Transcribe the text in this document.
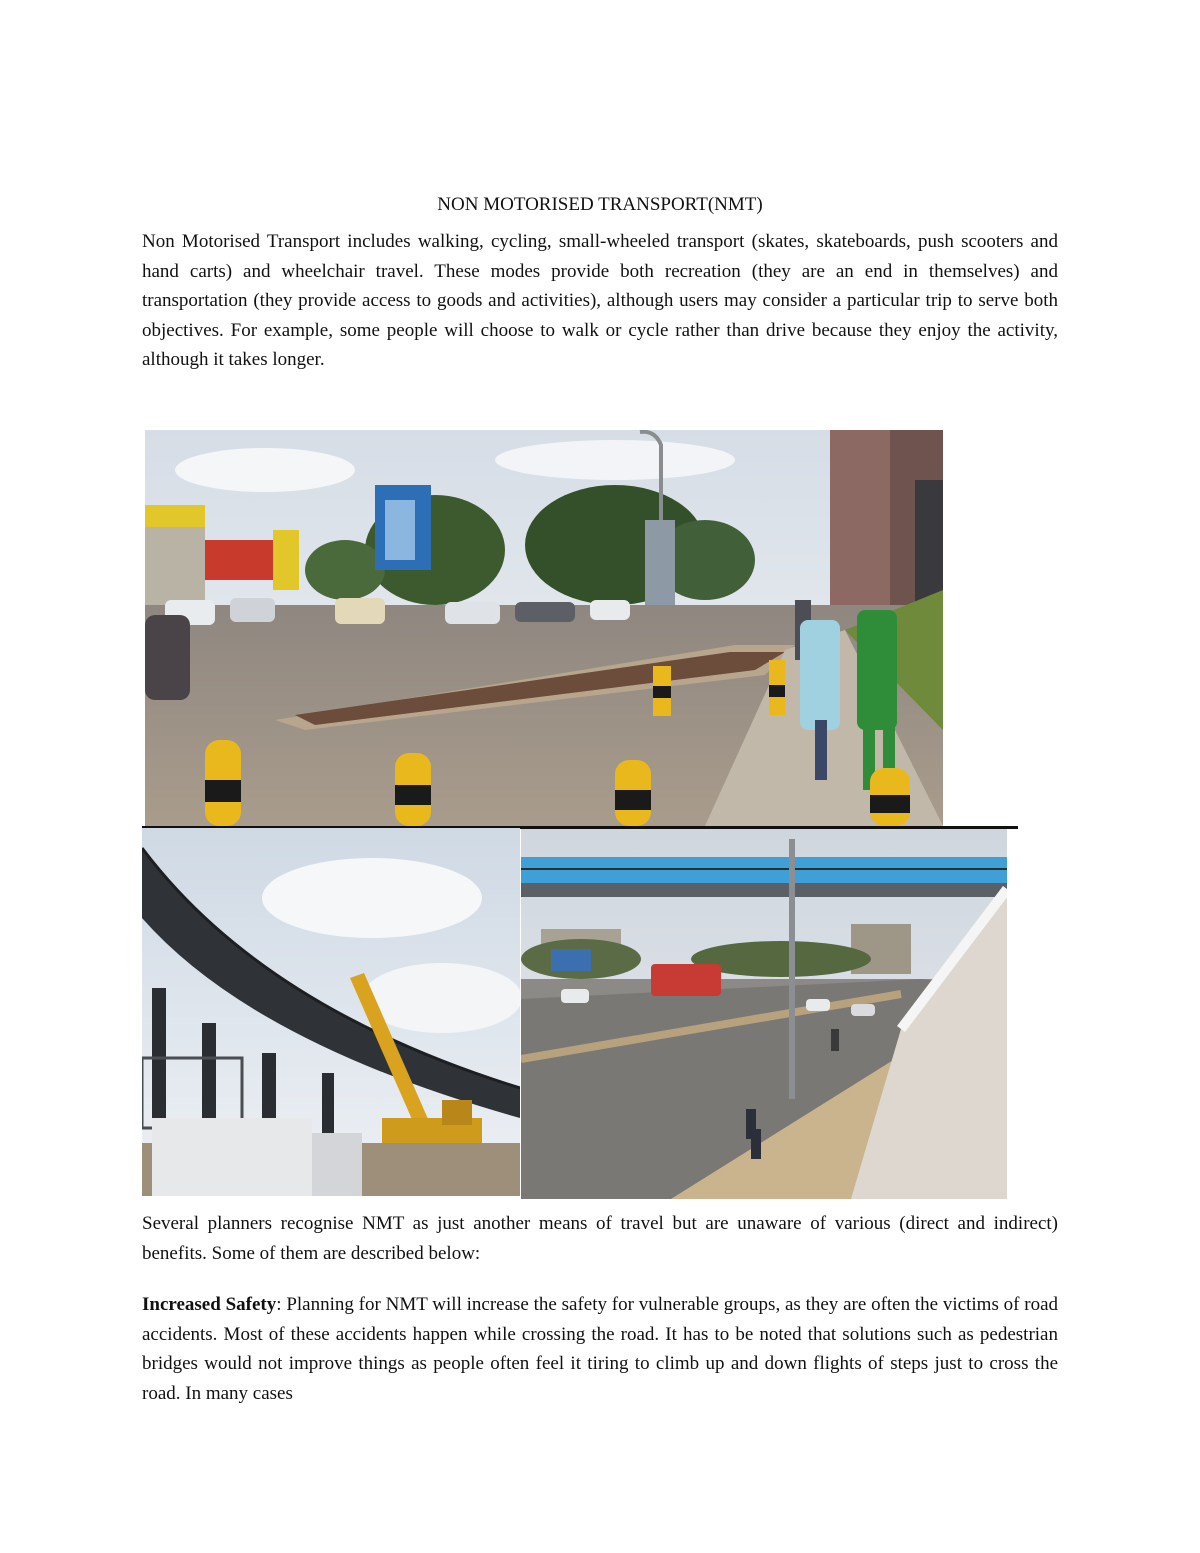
NON MOTORISED TRANSPORT(NMT)

Non Motorised Transport includes walking, cycling, small-wheeled transport (skates, skateboards, push scooters and hand carts) and wheelchair travel. These modes provide both recreation (they are an end in themselves) and transportation (they provide access to goods and activities), although users may consider a particular trip to serve both objectives. For example, some people will choose to walk or cycle rather than drive because they enjoy the activity, although it takes longer.

Several planners recognise NMT as just another means of travel but are unaware of various (direct and indirect) benefits. Some of them are described below:

Increased Safety: Planning for NMT will increase the safety for vulnerable groups, as they are often the victims of road accidents. Most of these accidents happen while crossing the road. It has to be noted that solutions such as pedestrian bridges would not improve things as people often feel it tiring to climb up and down flights of steps just to cross the road. In many cases
